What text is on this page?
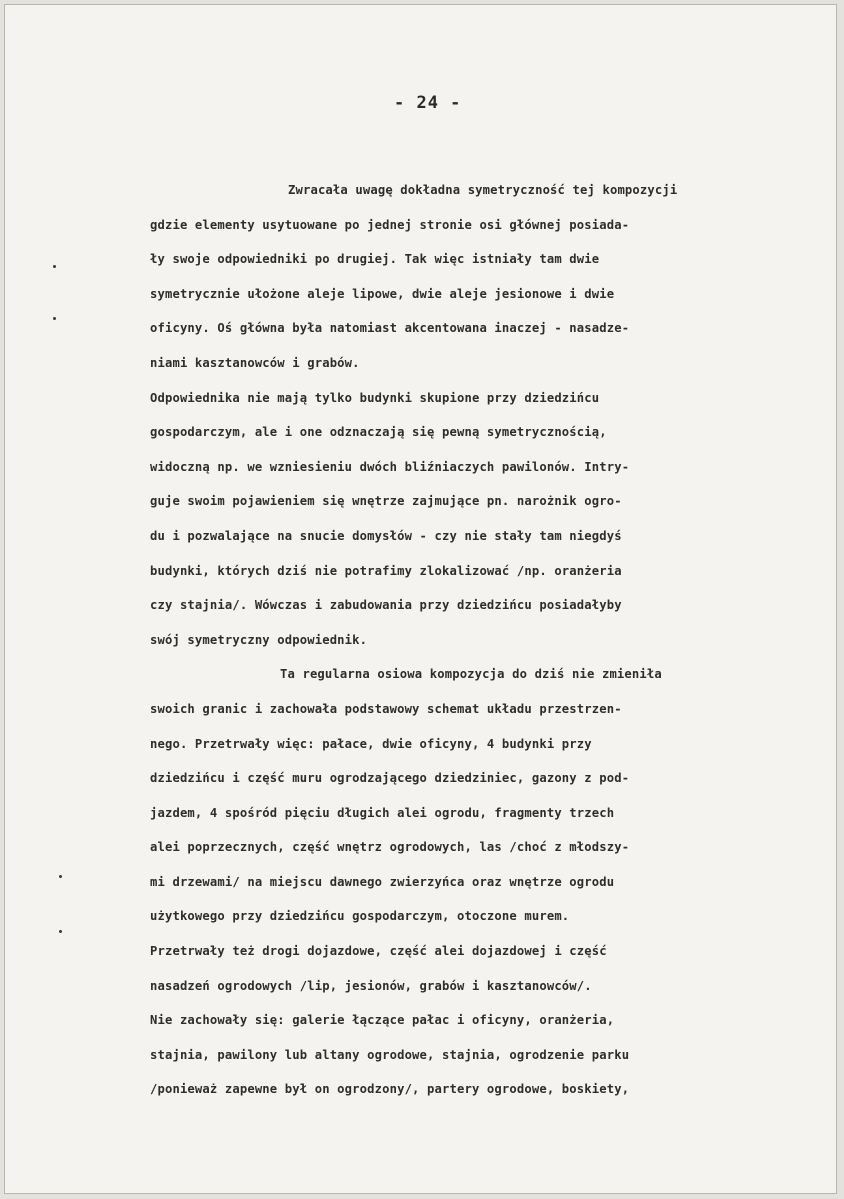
- 24 -
Zwracała uwagę dokładna symetryczność tej kompozycji
gdzie elementy usytuowane po jednej stronie osi głównej posiada-
ły swoje odpowiedniki po drugiej. Tak więc istniały tam dwie
symetrycznie ułożone aleje lipowe, dwie aleje jesionowe i dwie
oficyny. Oś główna była natomiast akcentowana inaczej - nasadze-
niami kasztanowców i grabów.
Odpowiednika nie mają tylko budynki skupione przy dziedzińcu
gospodarczym, ale i one odznaczają się pewną symetrycznością,
widoczną np. we wzniesieniu dwóch bliźniaczych pawilonów. Intry-
guje swoim pojawieniem się wnętrze zajmujące pn. narożnik ogro-
du i pozwalające na snucie domysłów - czy nie stały tam niegdyś
budynki, których dziś nie potrafimy zlokalizować /np. oranżeria
czy stajnia/. Wówczas i zabudowania przy dziedzińcu posiadałyby
swój symetryczny odpowiednik.
Ta regularna osiowa kompozycja do dziś nie zmieniła
swoich granic i zachowała podstawowy schemat układu przestrzen-
nego. Przetrwały więc: pałace, dwie oficyny, 4 budynki przy
dziedzińcu i część muru ogrodzającego dziedziniec, gazony z pod-
jazdem, 4 spośród pięciu długich alei ogrodu, fragmenty trzech
alei poprzecznych, część wnętrz ogrodowych, las /choć z młodszy-
mi drzewami/ na miejscu dawnego zwierzyńca oraz wnętrze ogrodu
użytkowego przy dziedzińcu gospodarczym, otoczone murem.
Przetrwały też drogi dojazdowe, część alei dojazdowej i część
nasadzeń ogrodowych /lip, jesionów, grabów i kasztanowców/.
Nie zachowały się: galerie łączące pałac i oficyny, oranżeria,
stajnia, pawilony lub altany ogrodowe, stajnia, ogrodzenie parku
/ponieważ zapewne był on ogrodzony/, partery ogrodowe, boskiety,
